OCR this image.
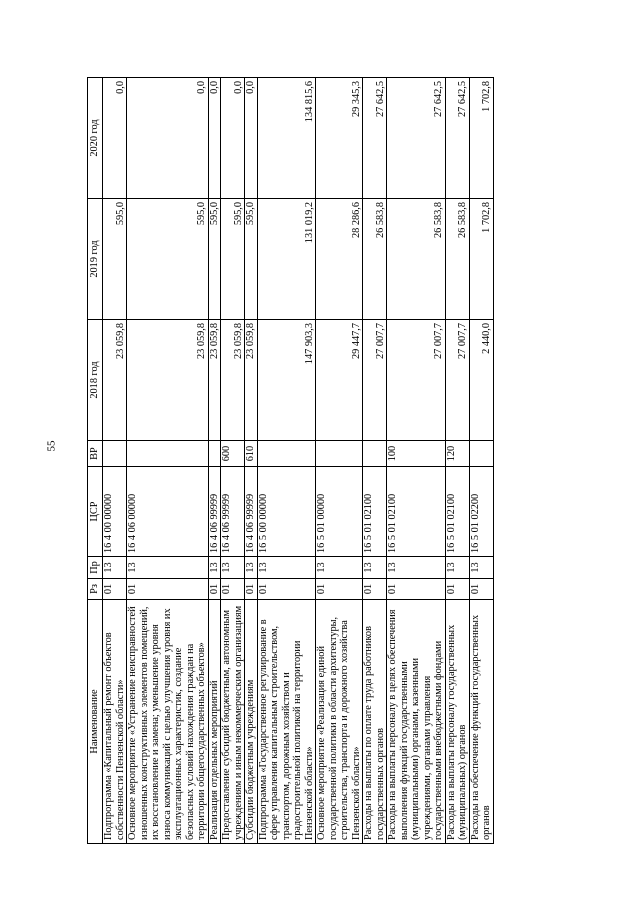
55
Наименование	Рз	Пр	ЦСР	ВР	2018 год	2019 год	2020 год
Подпрограмма «Капитальный ремонт объектов собственности Пензенской области»	01	13	16 4 00 00000		23 059,8	595,0	0,0
Основное мероприятие «Устранение неисправностей изношенных конструктивных элементов помещений, их восстановление и замена; уменьшение уровня износа коммуникаций с целью улучшения уровня их эксплуатационных характеристик, создание безопасных условий нахождения граждан на территории общегосударственных объектов»	01	13	16 4 06 00000		23 059,8	595,0	0,0
Реализация отдельных мероприятий	01	13	16 4 06 99999		23 059,8	595,0	0,0
Предоставление субсидий бюджетным, автономным учреждениям и иным некоммерческим организациям	01	13	16 4 06 99999	600	23 059,8	595,0	0,0
Субсидии бюджетным учреждениям	01	13	16 4 06 99999	610	23 059,8	595,0	0,0
Подпрограмма «Государственное регулирование в сфере управления капитальным строительством, транспортом, дорожным хозяйством и градостроительной политикой на территории Пензенской области»	01	13	16 5 00 00000		147 903,3	131 019,2	134 815,6
Основное мероприятие «Реализация единой государственной политики в области архитектуры, строительства, транспорта и дорожного хозяйства Пензенской области»	01	13	16 5 01 00000		29 447,7	28 286,6	29 345,3
Расходы на выплаты по оплате труда работников государственных органов	01	13	16 5 01 02100		27 007,7	26 583,8	27 642,5
Расходы на выплаты персоналу в целях обеспечения выполнения функций государственными (муниципальными) органами, казенными учреждениями, органами управления государственными внебюджетными фондами	01	13	16 5 01 02100	100	27 007,7	26 583,8	27 642,5
Расходы на выплаты персоналу государственных (муниципальных) органов	01	13	16 5 01 02100	120	27 007,7	26 583,8	27 642,5
Расходы на обеспечение функций государственных органов	01	13	16 5 01 02200		2 440,0	1 702,8	1 702,8
